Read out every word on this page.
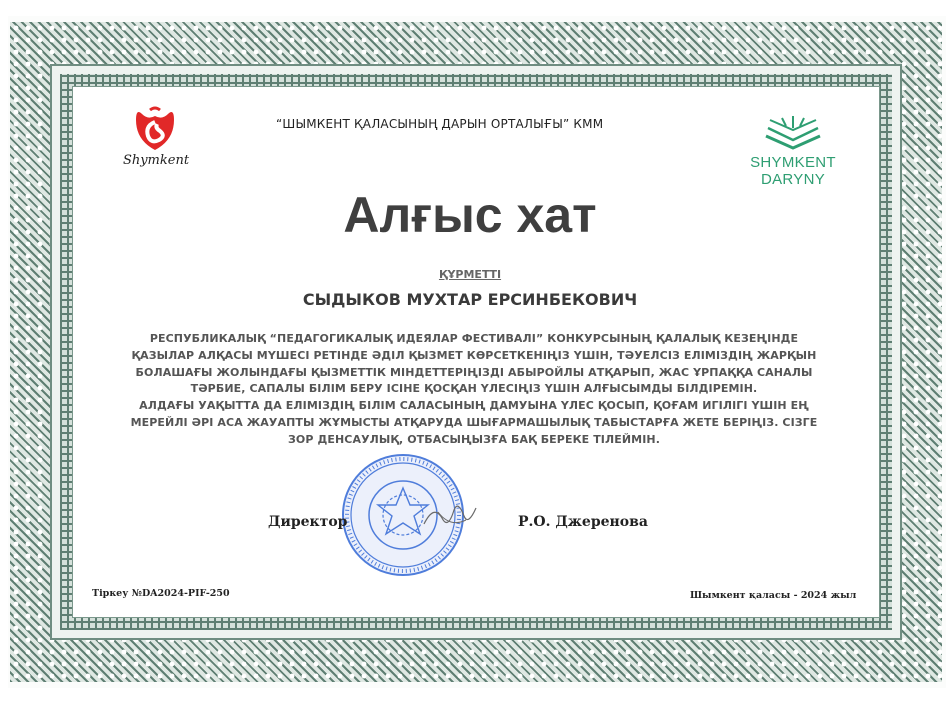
Shymkent
“ШЫМКЕНТ ҚАЛАСЫНЫҢ ДАРЫН ОРТАЛЫҒЫ” КММ
SHYMKENT DARYNY
Алғыс хат
ҚҰРМЕТТІ
СЫДЫКОВ МУХТАР ЕРСИНБЕКОВИЧ

РЕСПУБЛИКАЛЫҚ “ПЕДАГОГИКАЛЫҚ ИДЕЯЛАР ФЕСТИВАЛІ” КОНКУРСЫНЫҢ ҚАЛАЛЫҚ КЕЗЕҢІНДЕ ҚАЗЫЛАР АЛҚАСЫ МҮШЕСІ РЕТІНДЕ ӘДІЛ ҚЫЗМЕТ КӨРСЕТКЕНІҢІЗ ҮШІН, ТӘУЕЛСІЗ ЕЛІМІЗДІҢ ЖАРҚЫН БОЛАШАҒЫ ЖОЛЫНДАҒЫ ҚЫЗМЕТТІК МІНДЕТТЕРІҢІЗДІ АБЫРОЙЛЫ АТҚАРЫП, ЖАС ҰРПАҚҚА САНАЛЫ ТӘРБИЕ, САПАЛЫ БІЛІМ БЕРУ ІСІНЕ ҚОСҚАН ҮЛЕСІҢІЗ ҮШІН АЛҒЫСЫМДЫ БІЛДІРЕМІН.

АЛДАҒЫ УАҚЫТТА ДА ЕЛІМІЗДІҢ БІЛІМ САЛАСЫНЫҢ ДАМУЫНА ҮЛЕС ҚОСЫП, ҚОҒАМ ИГІЛІГІ ҮШІН ЕҢ МЕРЕЙЛІ ӘРІ АСА ЖАУАПТЫ ЖҰМЫСТЫ АТҚАРУДА ШЫҒАРМАШЫЛЫҚ ТАБЫСТАРҒА ЖЕТЕ БЕРІҢІЗ. СІЗГЕ ЗОР ДЕНСАУЛЫҚ, ОТБАСЫҢЫЗҒА БАҚ БЕРЕКЕ ТІЛЕЙМІН.

Директор	Р.О. Джеренова
Тіркеу №DA2024-PIF-250	Шымкент қаласы - 2024 жыл
